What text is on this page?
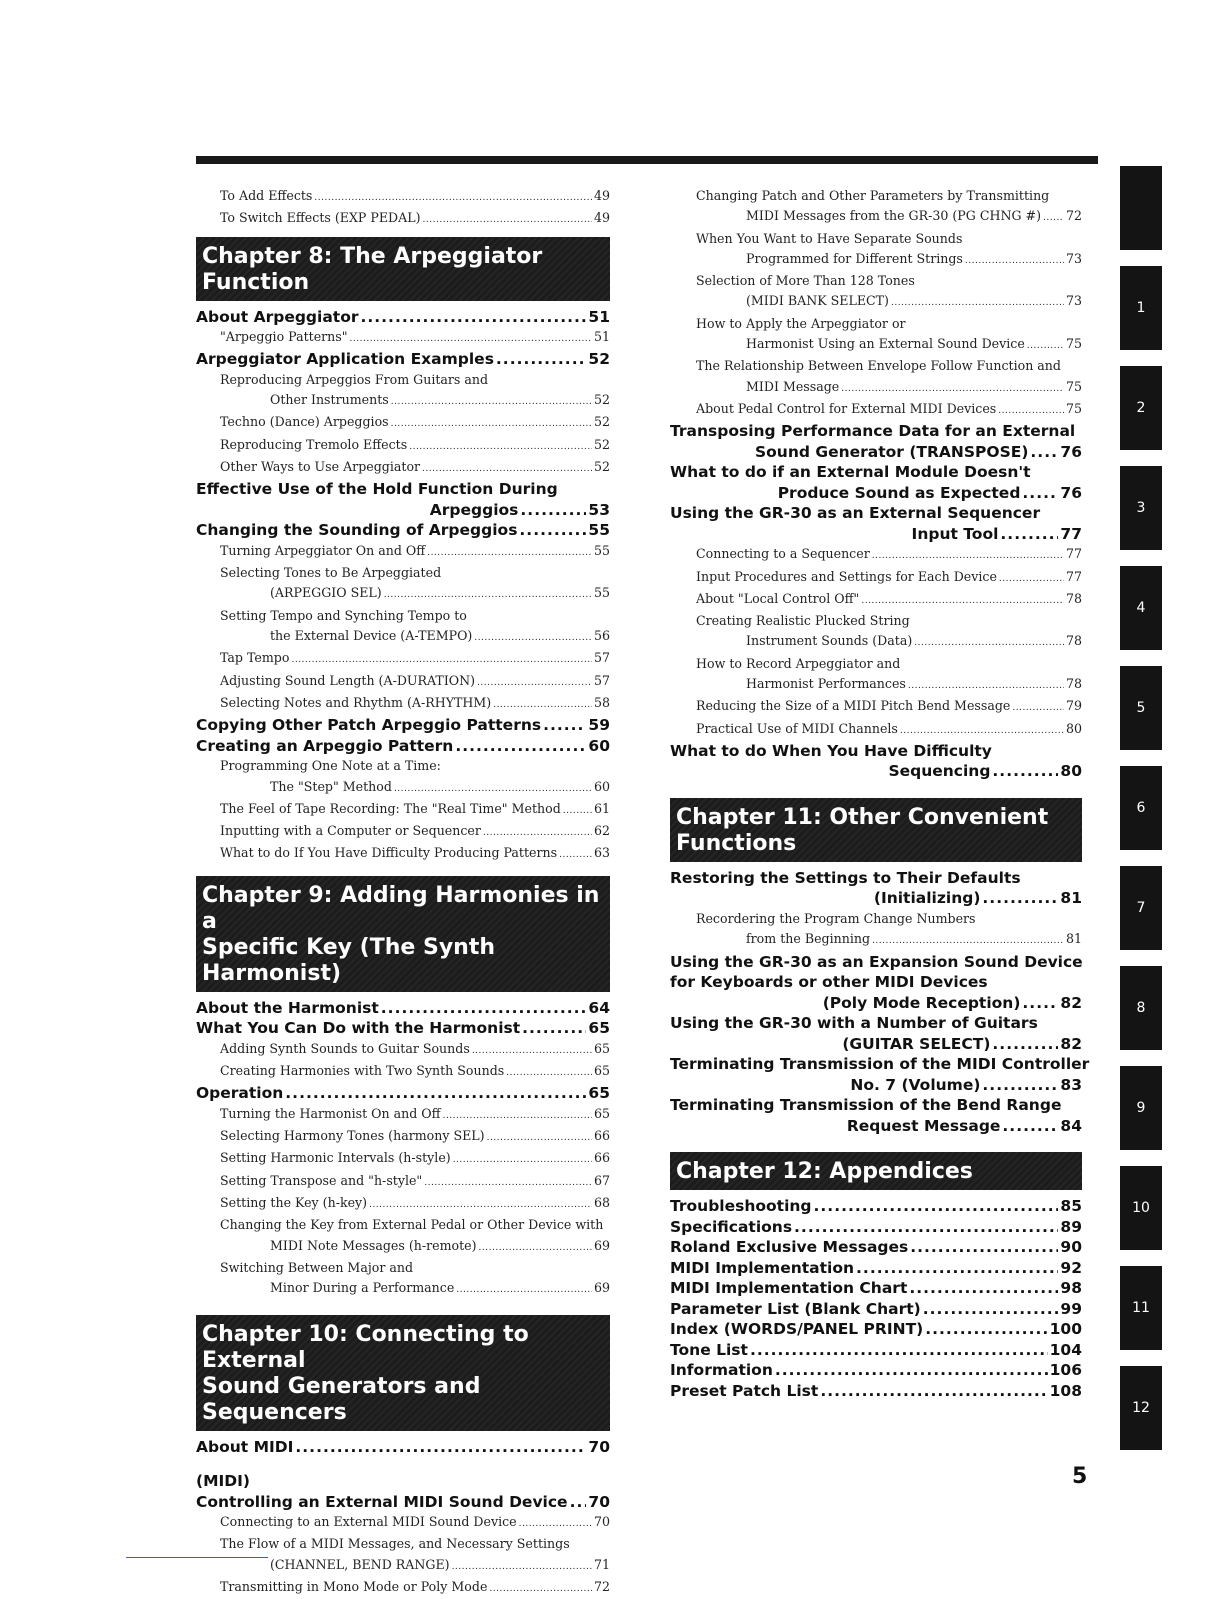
To Add Effects .....	49
To Switch Effects (EXP PEDAL) .....	49
Chapter 8: The Arpeggiator Function
About Arpeggiator .....	51
"Arpeggio Patterns" .....	51
Arpeggiator Application Examples .....	52
Reproducing Arpeggios From Guitars and
Other Instruments .....	52
Techno (Dance) Arpeggios .....	52
Reproducing Tremolo Effects .....	52
Other Ways to Use Arpeggiator .....	52
Effective Use of the Hold Function During
Arpeggios .....	53
Changing the Sounding of Arpeggios .....	55
Turning Arpeggiator On and Off .....	55
Selecting Tones to Be Arpeggiated
(ARPEGGIO SEL) .....	55
Setting Tempo and Synching Tempo to
the External Device (A-TEMPO) .....	56
Tap Tempo .....	57
Adjusting Sound Length (A-DURATION) .....	57
Selecting Notes and Rhythm (A-RHYTHM) .....	58
Copying Other Patch Arpeggio Patterns .....	59
Creating an Arpeggio Pattern .....	60
Programming One Note at a Time:
The "Step" Method .....	60
The Feel of Tape Recording: The "Real Time" Method .....	61
Inputting with a Computer or Sequencer .....	62
What to do If You Have Difficulty Producing Patterns .....	63
Chapter 9: Adding Harmonies in a
Specific Key (The Synth Harmonist)
About the Harmonist .....	64
What You Can Do with the Harmonist .....	65
Adding Synth Sounds to Guitar Sounds .....	65
Creating Harmonies with Two Synth Sounds .....	65
Operation .....	65
Turning the Harmonist On and Off .....	65
Selecting Harmony Tones (harmony SEL) .....	66
Setting Harmonic Intervals (h-style) .....	66
Setting Transpose and "h-style" .....	67
Setting the Key (h-key) .....	68
Changing the Key from External Pedal or Other Device with
MIDI Note Messages (h-remote) .....	69
Switching Between Major and
Minor During a Performance .....	69
Chapter 10: Connecting to External
Sound Generators and Sequencers
About MIDI .....	70
(MIDI)
Controlling an External MIDI Sound Device ..... 70
Connecting to an External MIDI Sound Device .....	70
The Flow of a MIDI Messages, and Necessary Settings
(CHANNEL, BEND RANGE) .....	71
Transmitting in Mono Mode or Poly Mode .....	72
Changing Patch and Other Parameters by Transmitting
MIDI Messages from the GR-30 (PG CHNG #) ..... 72
When You Want to Have Separate Sounds
Programmed for Different Strings .....	73
Selection of More Than 128 Tones
(MIDI BANK SELECT) .....	73
How to Apply the Arpeggiator or
Harmonist Using an External Sound Device .....	75
The Relationship Between Envelope Follow Function and
MIDI Message .....	75
About Pedal Control for External MIDI Devices .....	75
Transposing Performance Data for an External
Sound Generator (TRANSPOSE) ..... 76
What to do if an External Module Doesn't
Produce Sound as Expected .....	76
Using the GR-30 as an External Sequencer
Input Tool .....	77
Connecting to a Sequencer .....	77
Input Procedures and Settings for Each Device .....	77
About "Local Control Off" .....	78
Creating Realistic Plucked String
Instrument Sounds (Data) .....	78
How to Record Arpeggiator and
Harmonist Performances .....	78
Reducing the Size of a MIDI Pitch Bend Message .....	79
Practical Use of MIDI Channels .....	80
What to do When You Have Difficulty
Sequencing .....	80
Chapter 11: Other Convenient
Functions
Restoring the Settings to Their Defaults
(Initializing) .....	81
Recordering the Program Change Numbers
from the Beginning .....	81
Using the GR-30 as an Expansion Sound Device
for Keyboards or other MIDI Devices
(Poly Mode Reception) .....	82
Using the GR-30 with a Number of Guitars
(GUITAR SELECT) .....	82
Terminating Transmission of the MIDI Controller
No. 7 (Volume) .....	83
Terminating Transmission of the Bend Range
Request Message .....	84
Chapter 12: Appendices
Troubleshooting .....	85
Specifications .....	89
Roland Exclusive Messages .....	90
MIDI Implementation .....	92
MIDI Implementation Chart .....	98
Parameter List (Blank Chart) .....	99
Index (WORDS/PANEL PRINT) .....	100
Tone List .....	104
Information .....	106
Preset Patch List .....	108
1
2
3
4
5
6
7
8
9
10
11
12
5
